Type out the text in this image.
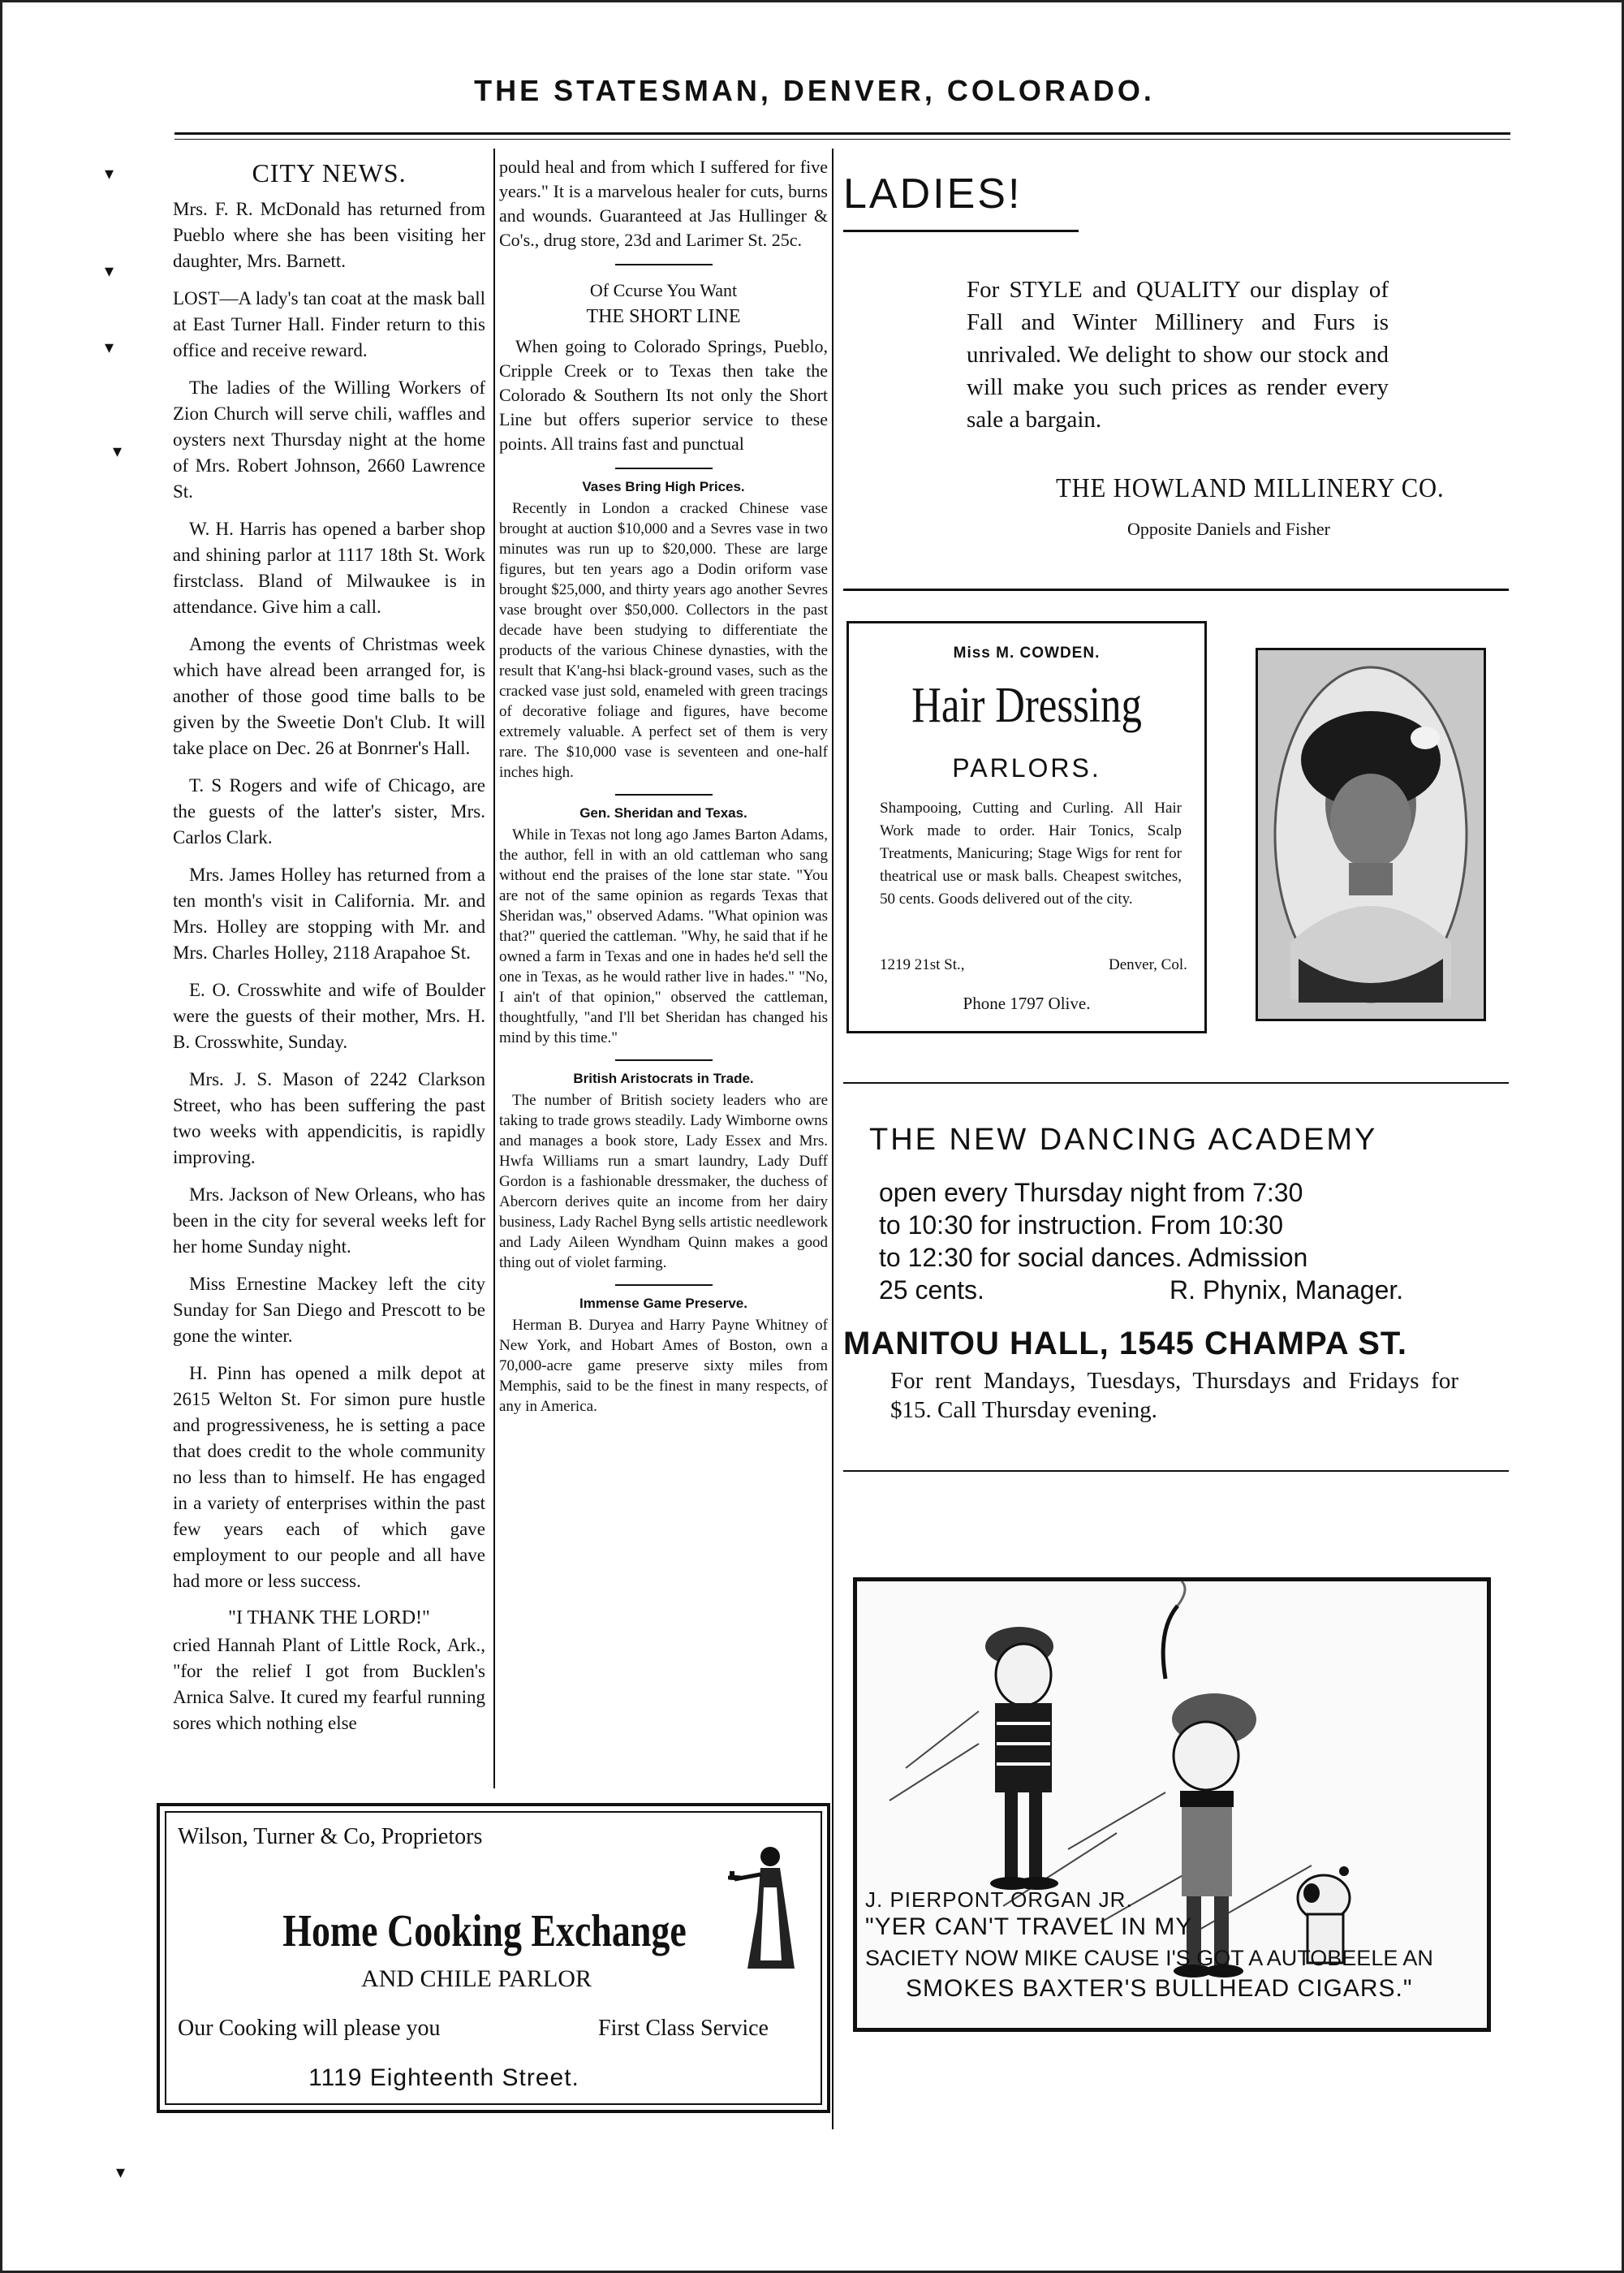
THE STATESMAN, DENVER, COLORADO.
▾
▾
▾
▾
▾
CITY NEWS.

Mrs. F. R. McDonald has returned from Pueblo where she has been visiting her daughter, Mrs. Barnett.

LOST—A lady's tan coat at the mask ball at East Turner Hall. Finder return to this office and receive reward.

The ladies of the Willing Workers of Zion Church will serve chili, waffles and oysters next Thursday night at the home of Mrs. Robert Johnson, 2660 Lawrence St.

W. H. Harris has opened a barber shop and shining parlor at 1117 18th St. Work firstclass. Bland of Milwaukee is in attendance. Give him a call.

Among the events of Christmas week which have alread been arranged for, is another of those good time balls to be given by the Sweetie Don't Club. It will take place on Dec. 26 at Bonrner's Hall.

T. S Rogers and wife of Chicago, are the guests of the latter's sister, Mrs. Carlos Clark.

Mrs. James Holley has returned from a ten month's visit in California. Mr. and Mrs. Holley are stopping with Mr. and Mrs. Charles Holley, 2118 Arapahoe St.

E. O. Crosswhite and wife of Boulder were the guests of their mother, Mrs. H. B. Crosswhite, Sunday.

Mrs. J. S. Mason of 2242 Clarkson Street, who has been suffering the past two weeks with appendicitis, is rapidly improving.

Mrs. Jackson of New Orleans, who has been in the city for several weeks left for her home Sunday night.

Miss Ernestine Mackey left the city Sunday for San Diego and Prescott to be gone the winter.

H. Pinn has opened a milk depot at 2615 Welton St. For simon pure hustle and progressiveness, he is setting a pace that does credit to the whole community no less than to himself. He has engaged in a variety of enterprises within the past few years each of which gave employment to our people and all have had more or less success.

"I THANK THE LORD!"

cried Hannah Plant of Little Rock, Ark., "for the relief I got from Bucklen's Arnica Salve. It cured my fearful running sores which nothing else

pould heal and from which I suffered for five years." It is a marvelous healer for cuts, burns and wounds. Guaranteed at Jas Hullinger & Co's., drug store, 23d and Larimer St. 25c.

Of Ccurse You Want
THE SHORT LINE

When going to Colorado Springs, Pueblo, Cripple Creek or to Texas then take the Colorado & Southern Its not only the Short Line but offers superior service to these points. All trains fast and punctual

Vases Bring High Prices.

Recently in London a cracked Chinese vase brought at auction $10,000 and a Sevres vase in two minutes was run up to $20,000. These are large figures, but ten years ago a Dodin oriform vase brought $25,000, and thirty years ago another Sevres vase brought over $50,000. Collectors in the past decade have been studying to differentiate the products of the various Chinese dynasties, with the result that K'ang-hsi black-ground vases, such as the cracked vase just sold, enameled with green tracings of decorative foliage and figures, have become extremely valuable. A perfect set of them is very rare. The $10,000 vase is seventeen and one-half inches high.

Gen. Sheridan and Texas.

While in Texas not long ago James Barton Adams, the author, fell in with an old cattleman who sang without end the praises of the lone star state. "You are not of the same opinion as regards Texas that Sheridan was," observed Adams. "What opinion was that?" queried the cattleman. "Why, he said that if he owned a farm in Texas and one in hades he'd sell the one in Texas, as he would rather live in hades." "No, I ain't of that opinion," observed the cattleman, thoughtfully, "and I'll bet Sheridan has changed his mind by this time."

British Aristocrats in Trade.

The number of British society leaders who are taking to trade grows steadily. Lady Wimborne owns and manages a book store, Lady Essex and Mrs. Hwfa Williams run a smart laundry, Lady Duff Gordon is a fashionable dressmaker, the duchess of Abercorn derives quite an income from her dairy business, Lady Rachel Byng sells artistic needlework and Lady Aileen Wyndham Quinn makes a good thing out of violet farming.

Immense Game Preserve.

Herman B. Duryea and Harry Payne Whitney of New York, and Hobart Ames of Boston, own a 70,000-acre game preserve sixty miles from Memphis, said to be the finest in many respects, of any in America.

Wilson, Turner & Co, Proprietors
Home Cooking Exchange
AND CHILE PARLOR
Our Cooking will please you	First Class Service
1119 Eighteenth Street.
LADIES!
For STYLE and QUALITY our display of Fall and Winter Millinery and Furs is unrivaled. We delight to show our stock and will make you such prices as render every sale a bargain.
THE HOWLAND MILLINERY CO.
Opposite Daniels and Fisher
Miss M. COWDEN.
Hair Dressing
PARLORS.
Shampooing, Cutting and Curling. All Hair Work made to order. Hair Tonics, Scalp Treatments, Manicuring; Stage Wigs for rent for theatrical use or mask balls. Cheapest switches, 50 cents. Goods delivered out of the city.
1219 21st St.,	Denver, Col.
Phone 1797 Olive.
THE NEW DANCING ACADEMY

open every Thursday night from 7:30

to 10:30 for instruction. From 10:30

to 12:30 for social dances. Admission

25 cents.	R. Phynix, Manager.

MANITOU HALL, 1545 CHAMPA ST.
For rent Mandays, Tuesdays, Thursdays and Fridays for $15. Call Thursday evening.
J. PIERPONT ORGAN JR.
"YER CAN'T TRAVEL IN MY
SACIETY NOW MIKE CAUSE I'S GOT A AUTOBEELE AN
SMOKES BAXTER'S BULLHEAD CIGARS."
